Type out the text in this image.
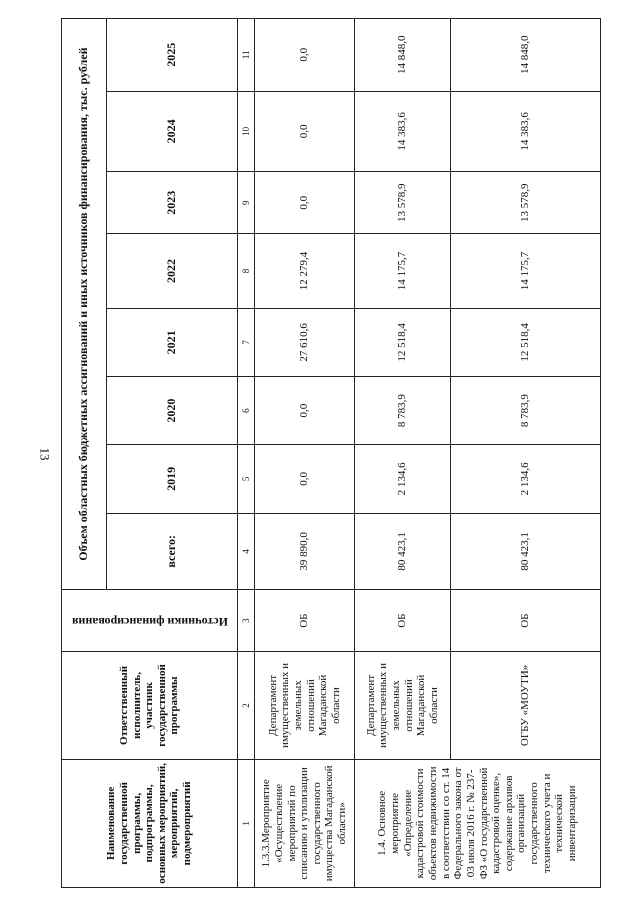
13
Наименование государственной программы, подпрограммы, основных мероприятий, мероприятий, подмероприятий	Ответственный исполнитель, участник государственной программы	Источники финансирования	Объем областных бюджетных ассигнований и иных источников финансирования, тыс. рублей							
			всего:	2019	2020	2021	2022	2023	2024	2025
1	2	3	4	5	6	7	8	9	10	11
1.3.3.Мероприятие «Осуществление мероприятий по списанию и утилизации государственного имущества Магаданской области»	Департамент имущественных и земельных отношений Магаданской области	ОБ	39 890,0	0,0	0,0	27 610,6	12 279,4	0,0	0,0	0,0
1.4. Основное мероприятие «Определение кадастровой стоимости объектов недвижимости в соответствии со ст. 14 Федерального закона от 03 июля 2016 г. № 237-ФЗ «О государственной кадастровой оценке», содержание архивов организаций государственного технического учета и технической инвентаризации	Департамент имущественных и земельных отношений Магаданской области	ОБ	80 423,1	2 134,6	8 783,9	12 518,4	14 175,7	13 578,9	14 383,6	14 848,0
	ОГБУ «МОУТИ»	ОБ	80 423,1	2 134,6	8 783,9	12 518,4	14 175,7	13 578,9	14 383,6	14 848,0
